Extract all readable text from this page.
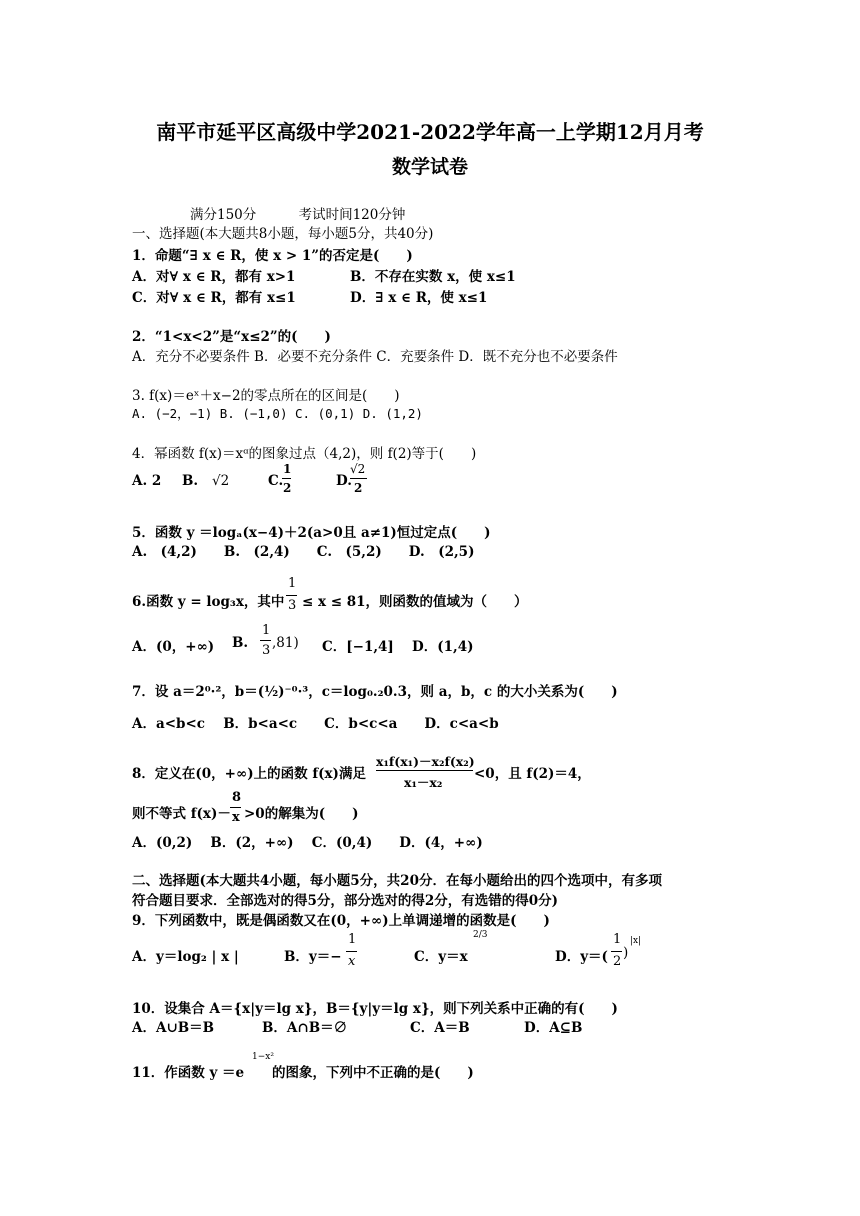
南平市延平区高级中学2021-2022学年高一上学期12月月考
数学试卷
满分150分	考试时间120分钟
一、选择题(本大题共8小题，每小题5分，共40分)
1．命题“∃ x ∈ R，使 x > 1”的否定是(　　)
A．对∀ x ∈ R，都有 x>1	B．不存在实数 x，使 x≤1
C．对∀ x ∈ R，都有 x≤1	D．∃ x ∈ R，使 x≤1
2．“1<x<2”是“x≤2”的(　　)
A．充分不必要条件 B．必要不充分条件 C．充要条件 D．既不充分也不必要条件
3. f(x)＝eˣ＋x−2的零点所在的区间是(　　)
A. (−2，−1) B. (−1,0) C. (0,1) D. (1,2)
4．幂函数 f(x)＝xᵅ的图象过点（4,2)，则 f(2)等于(　　)
A. 2 B. √2	C.
1
2	D.
√2
2
5．函数 y ＝logₐ(x−4)＋2(a>0且 a≠1)恒过定点(　　)
A.　(4,2)　　B.　(2,4)　　C.　(5,2)　　D.　(2,5)
6.函数 y = log₃x，其中
1
3 ≤ x ≤ 81，则函数的值域为（　　）
A．(0，+∞) B.
1
3 ,81) C．[−1,4] D．(1,4)
7．设 a＝2⁰·²，b＝(½)⁻⁰·³，c＝log₀.₂0.3，则 a，b，c 的大小关系为(　　)
A．a<b<c　 B．b<a<c　　C．b<c<a　　D．c<a<b
8．定义在(0，+∞)上的函数 f(x)满足
x₁f(x₁)－x₂f(x₂)
x₁－x₂
<0，且 f(2)＝4，
则不等式 f(x)－
8
x >0的解集为(　　)
A．(0,2)　 B．(2，+∞)　 C．(0,4)　　D．(4，+∞)
二、选择题(本大题共4小题，每小题5分，共20分．在每小题给出的四个选项中，有多项
符合题目要求．全部选对的得5分，部分选对的得2分，有选错的得0分)
9．下列函数中，既是偶函数又在(0，+∞)上单调递增的函数是(　　)
A．y＝log₂ | x |	B．y＝−
1
x	C．y＝x
2/3
D．y＝(
1
2
)
|x|
10．设集合 A＝{x|y＝lg x}，B＝{y|y＝lg x}，则下列关系中正确的有(　　)
A．A∪B＝B	B．A∩B＝∅	C．A＝B	D．A⊆B
11．作函数 y ＝e
1−x²
的图象，下列中不正确的是(　　)
